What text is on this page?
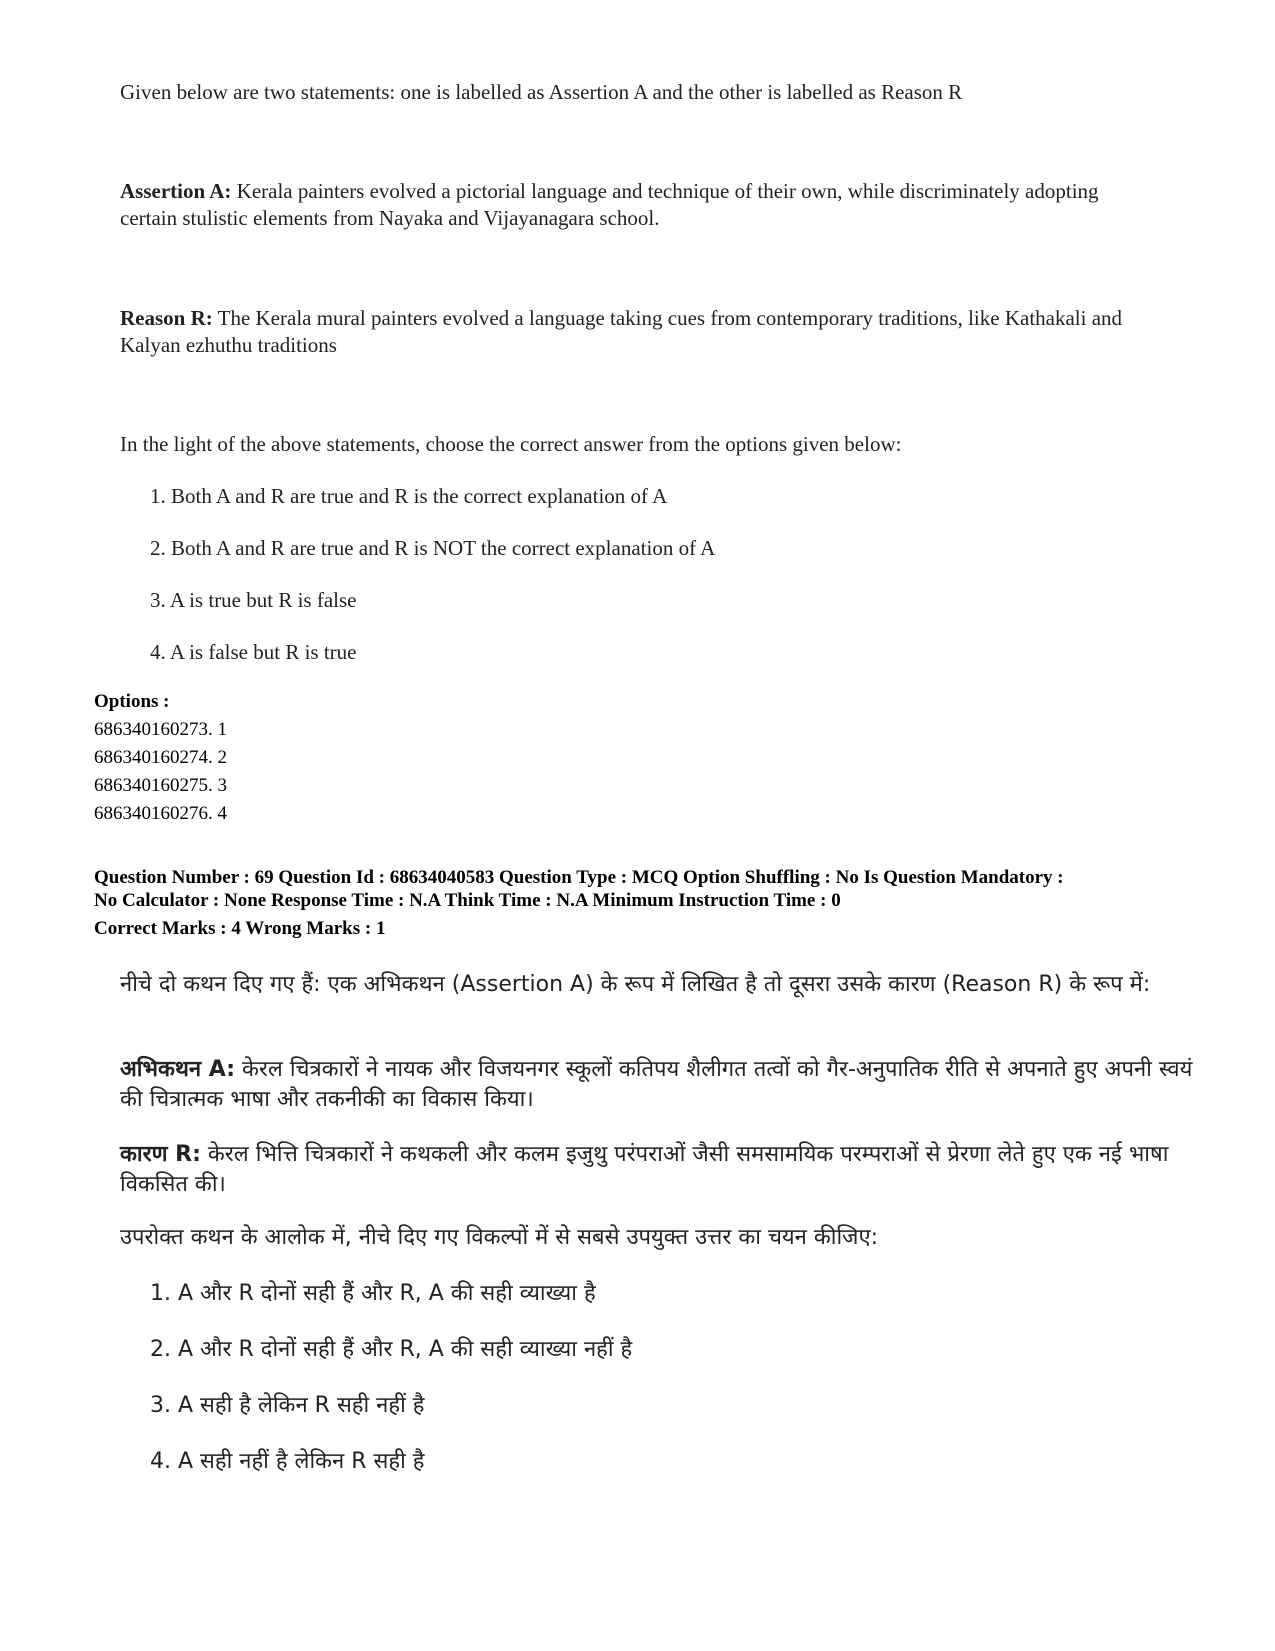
Given below are two statements: one is labelled as Assertion A and the other is labelled as Reason R
Assertion A: Kerala painters evolved a pictorial language and technique of their own, while discriminately adopting certain stulistic elements from Nayaka and Vijayanagara school.
Reason R: The Kerala mural painters evolved a language taking cues from contemporary traditions, like Kathakali and Kalyan ezhuthu traditions
In the light of the above statements, choose the correct answer from the options given below:
1. Both A and R are true and R is the correct explanation of A
2. Both A and R are true and R is NOT the correct explanation of A
3. A is true but R is false
4. A is false but R is true
Options :
686340160273. 1
686340160274. 2
686340160275. 3
686340160276. 4
Question Number : 69 Question Id : 68634040583 Question Type : MCQ Option Shuffling : No Is Question Mandatory :
No Calculator : None Response Time : N.A Think Time : N.A Minimum Instruction Time : 0
Correct Marks : 4 Wrong Marks : 1
नीचे दो कथन दिए गए हैं: एक अभिकथन (Assertion A) के रूप में लिखित है तो दूसरा उसके कारण (Reason R) के रूप में:
अभिकथन A: केरल चित्रकारों ने नायक और विजयनगर स्कूलों कतिपय शैलीगत तत्वों को गैर-अनुपातिक रीति से अपनाते हुए अपनी स्वयं की चित्रात्मक भाषा और तकनीकी का विकास किया।
कारण R: केरल भित्ति चित्रकारों ने कथकली और कलम इजुथु परंपराओं जैसी समसामयिक परम्पराओं से प्रेरणा लेते हुए एक नई भाषा विकसित की।
उपरोक्त कथन के आलोक में, नीचे दिए गए विकल्पों में से सबसे उपयुक्त उत्तर का चयन कीजिए:
1. A और R दोनों सही हैं और R, A की सही व्याख्या है
2. A और R दोनों सही हैं और R, A की सही व्याख्या नहीं है
3. A सही है लेकिन R सही नहीं है
4. A सही नहीं है लेकिन R सही है
